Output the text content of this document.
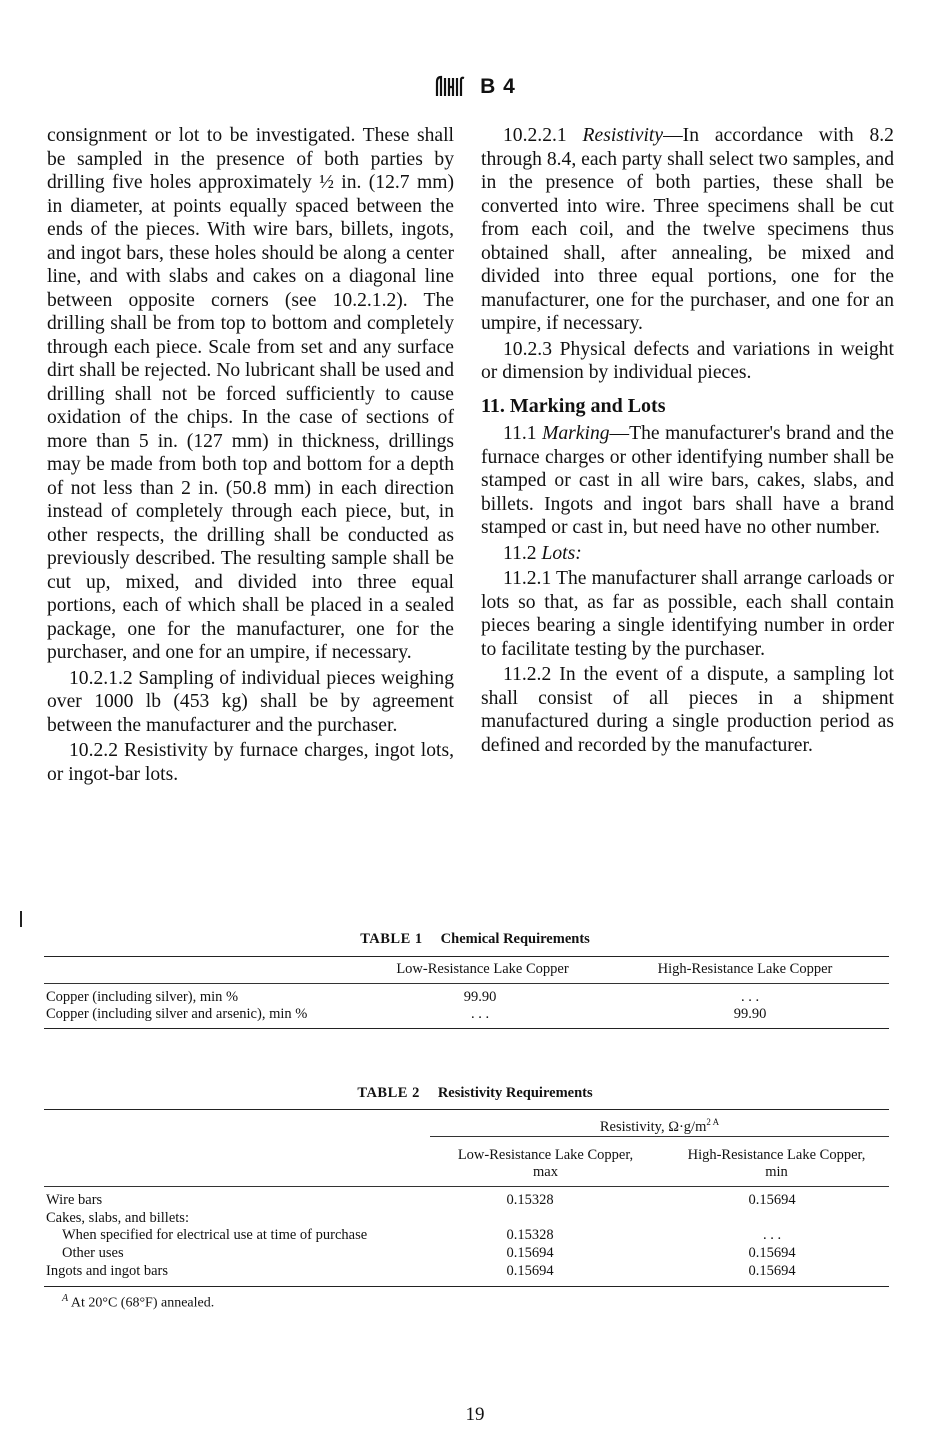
B 4

consignment or lot to be investigated. These shall be sampled in the presence of both parties by drilling five holes approximately ½ in. (12.7 mm) in diameter, at points equally spaced between the ends of the pieces. With wire bars, billets, ingots, and ingot bars, these holes should be along a center line, and with slabs and cakes on a diagonal line between opposite corners (see 10.2.1.2). The drilling shall be from top to bottom and completely through each piece. Scale from set and any surface dirt shall be rejected. No lubricant shall be used and drilling shall not be forced sufficiently to cause oxidation of the chips. In the case of sections of more than 5 in. (127 mm) in thickness, drillings may be made from both top and bottom for a depth of not less than 2 in. (50.8 mm) in each direction instead of completely through each piece, but, in other respects, the drilling shall be conducted as previously described. The resulting sample shall be cut up, mixed, and divided into three equal portions, each of which shall be placed in a sealed package, one for the manufacturer, one for the purchaser, and one for an umpire, if necessary.

10.2.1.2 Sampling of individual pieces weighing over 1000 lb (453 kg) shall be by agreement between the manufacturer and the purchaser.

10.2.2 Resistivity by furnace charges, ingot lots, or ingot-bar lots.

10.2.2.1 Resistivity—In accordance with 8.2 through 8.4, each party shall select two samples, and in the presence of both parties, these shall be converted into wire. Three specimens shall be cut from each coil, and the twelve specimens thus obtained shall, after annealing, be mixed and divided into three equal portions, one for the manufacturer, one for the purchaser, and one for an umpire, if necessary.

10.2.3 Physical defects and variations in weight or dimension by individual pieces.

11. Marking and Lots

11.1 Marking—The manufacturer's brand and the furnace charges or other identifying number shall be stamped or cast in all wire bars, cakes, slabs, and billets. Ingots and ingot bars shall have a brand stamped or cast in, but need have no other number.

11.2 Lots:

11.2.1 The manufacturer shall arrange carloads or lots so that, as far as possible, each shall contain pieces bearing a single identifying number in order to facilitate testing by the purchaser.

11.2.2 In the event of a dispute, a sampling lot shall consist of all pieces in a shipment manufactured during a single production period as defined and recorded by the manufacturer.

TABLE 1 Chemical Requirements
Low-Resistance Lake Copper	High-Resistance Lake Copper
Copper (including silver), min %	99.90	. . .
Copper (including silver and arsenic), min %	. . .	99.90
TABLE 2 Resistivity Requirements
Resistivity, $\Omega\cdot g/m^{2 A}$
Low-Resistance Lake Copper,
max
High-Resistance Lake Copper,
min
Wire bars	0.15328	0.15694
Cakes, slabs, and billets:
When specified for electrical use at time of purchase	0.15328	. . .
Other uses	0.15694	0.15694
Ingots and ingot bars	0.15694	0.15694
$^A$ At 20°C (68°F) annealed.
19
